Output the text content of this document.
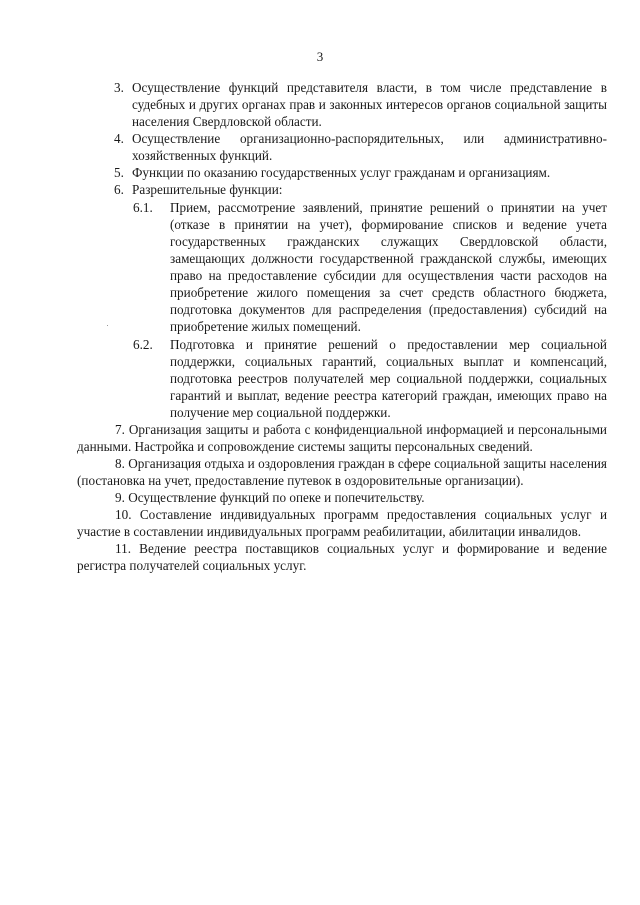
3
3. Осуществление функций представителя власти, в том числе представление в судебных и других органах прав и законных интересов органов социальной защиты населения Свердловской области.
4. Осуществление организационно-распорядительных, или административно-хозяйственных функций.
5. Функции по оказанию государственных услуг гражданам и организациям.
6. Разрешительные функции:
6.1.	Прием, рассмотрение заявлений, принятие решений о принятии на учет (отказе в принятии на учет), формирование списков и ведение учета государственных гражданских служащих Свердловской области, замещающих должности государственной гражданской службы, имеющих право на предоставление субсидии для осуществления части расходов на приобретение жилого помещения за счет средств областного бюджета, подготовка документов для распределения (предоставления) субсидий на приобретение жилых помещений.
6.2.	Подготовка и принятие решений о предоставлении мер социальной поддержки, социальных гарантий, социальных выплат и компенсаций, подготовка реестров получателей мер социальной поддержки, социальных гарантий и выплат, ведение реестра категорий граждан, имеющих право на получение мер социальной поддержки.
7. Организация защиты и работа с конфиденциальной информацией и персональными данными. Настройка и сопровождение системы защиты персональных сведений.
8. Организация отдыха и оздоровления граждан в сфере социальной защиты населения (постановка на учет, предоставление путевок в оздоровительные организации).
9. Осуществление функций по опеке и попечительству.
10. Составление индивидуальных программ предоставления социальных услуг и участие в составлении индивидуальных программ реабилитации, абилитации инвалидов.
11. Ведение реестра поставщиков социальных услуг и формирование и ведение регистра получателей социальных услуг.
